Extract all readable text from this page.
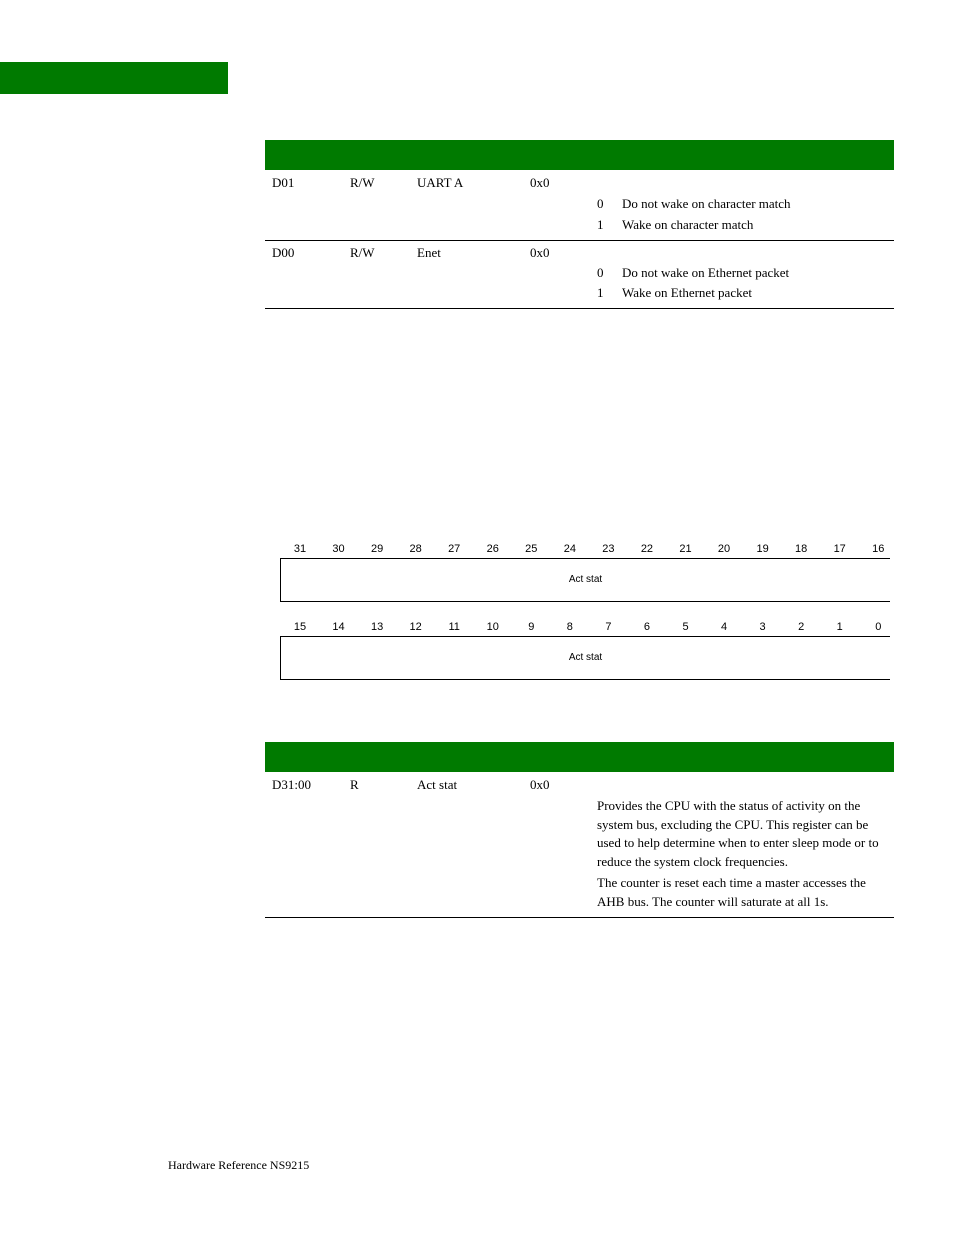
D01	R/W	UART A	0x0
0 Do not wake on character match
1 Wake on character match
D00	R/W	Enet	0x0
0 Do not wake on Ethernet packet
1 Wake on Ethernet packet
31	30	29	28	27	26	25	24	23	22	21	20	19	18	17	16
Act stat
15	14	13	12	11	10	9	8	7	6	5	4	3	2	1	0
Act stat
D31:00	R	Act stat	0x0

Provides the CPU with the status of activity on the system bus, excluding the CPU. This register can be used to help determine when to enter sleep mode or to reduce the system clock frequencies.

The counter is reset each time a master accesses the AHB bus. The counter will saturate at all 1s.

Hardware Reference NS9215
